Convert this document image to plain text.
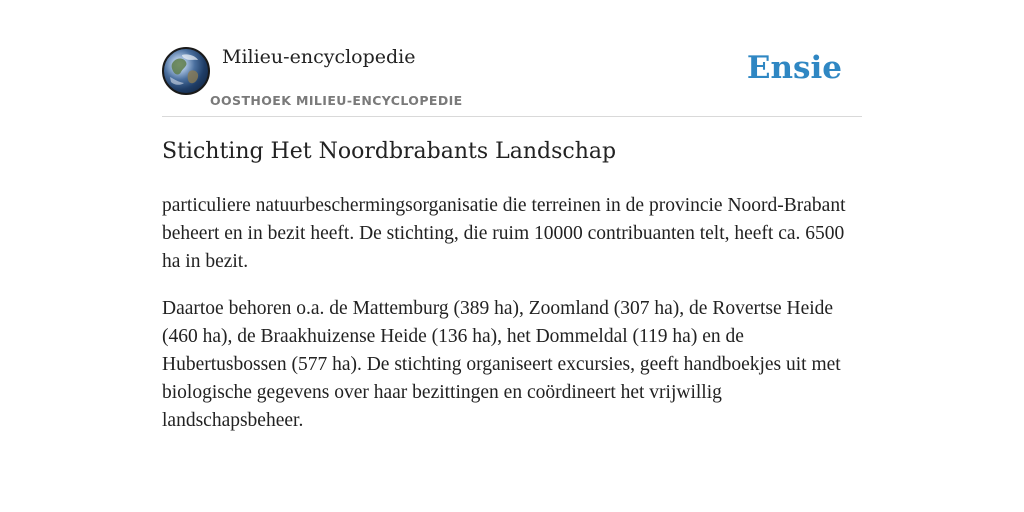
Milieu-encyclopedie
OOSTHOEK MILIEU-ENCYCLOPEDIE
Ensie
Stichting Het Noordbrabants Landschap

particuliere natuurbeschermingsorganisatie die terreinen in de provincie Noord-Brabant beheert en in bezit heeft. De stichting, die ruim 10000 contribuanten telt, heeft ca. 6500 ha in bezit.

Daartoe behoren o.a. de Mattemburg (389 ha), Zoomland (307 ha), de Rovertse Heide (460 ha), de Braakhuizense Heide (136 ha), het Dommeldal (119 ha) en de Hubertusbossen (577 ha). De stichting organiseert excursies, geeft handboekjes uit met biologische gegevens over haar bezittingen en coördineert het vrijwillig landschapsbeheer.
